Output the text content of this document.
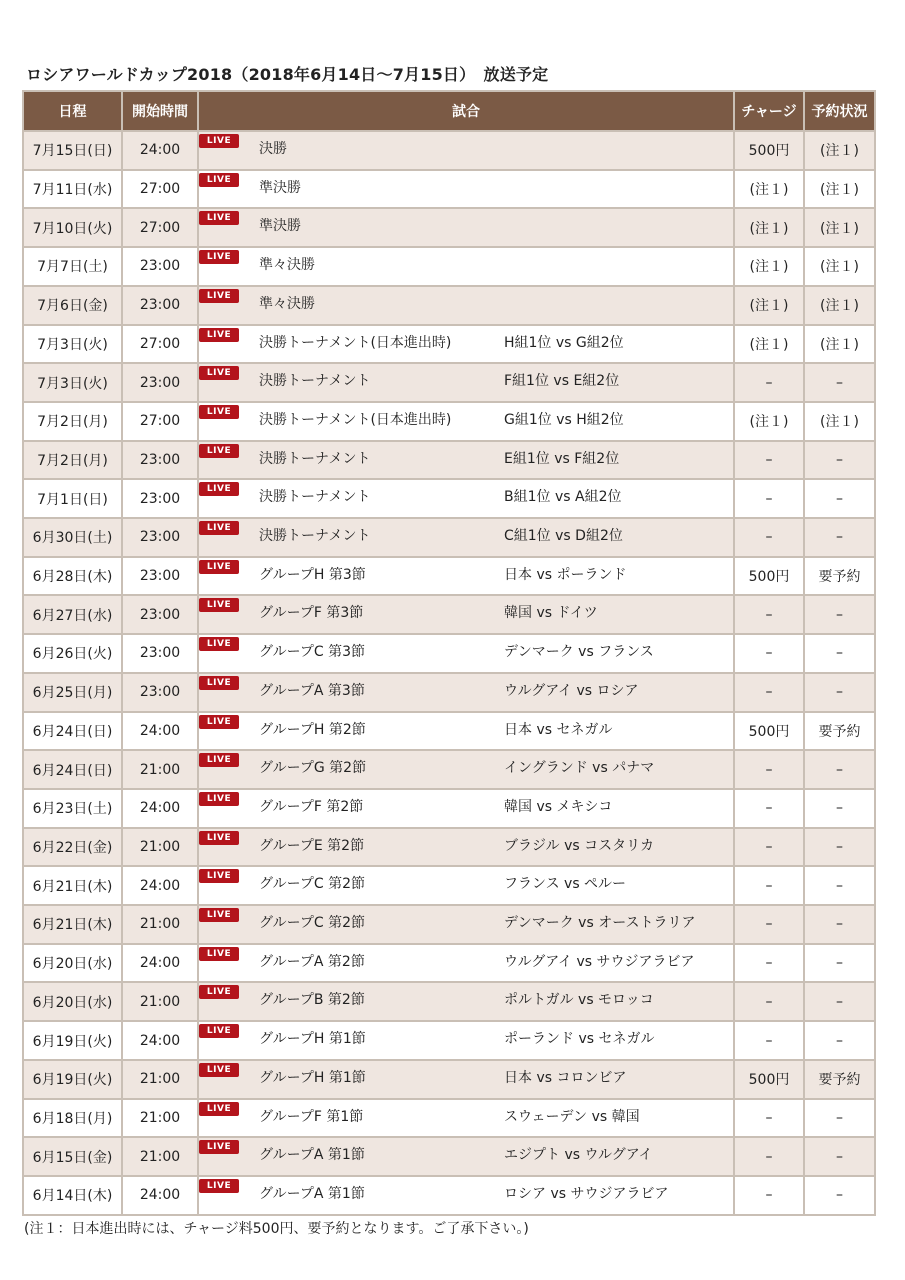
ロシアワールドカップ2018（2018年6月14日～7月15日）　放送予定
日程	開始時間	試合	チャージ	予約状況
7月15日(日)	24:00	LIVE 決勝	500円	(注１)
7月11日(水)	27:00	LIVE 準決勝	(注１)	(注１)
7月10日(火)	27:00	LIVE 準決勝	(注１)	(注１)
7月7日(土)	23:00	LIVE 準々決勝	(注１)	(注１)
7月6日(金)	23:00	LIVE 準々決勝	(注１)	(注１)
7月3日(火)	27:00	LIVE 決勝トーナメント(日本進出時) H組1位 vs G組2位	(注１)	(注１)
7月3日(火)	23:00	LIVE 決勝トーナメント F組1位 vs E組2位	–	–
7月2日(月)	27:00	LIVE 決勝トーナメント(日本進出時) G組1位 vs H組2位	(注１)	(注１)
7月2日(月)	23:00	LIVE 決勝トーナメント E組1位 vs F組2位	–	–
7月1日(日)	23:00	LIVE 決勝トーナメント B組1位 vs A組2位	–	–
6月30日(土)	23:00	LIVE 決勝トーナメント C組1位 vs D組2位	–	–
6月28日(木)	23:00	LIVE グループH 第3節 日本 vs ポーランド	500円	要予約
6月27日(水)	23:00	LIVE グループF 第3節 韓国 vs ドイツ	–	–
6月26日(火)	23:00	LIVE グループC 第3節 デンマーク vs フランス	–	–
6月25日(月)	23:00	LIVE グループA 第3節 ウルグアイ vs ロシア	–	–
6月24日(日)	24:00	LIVE グループH 第2節 日本 vs セネガル	500円	要予約
6月24日(日)	21:00	LIVE グループG 第2節 イングランド vs パナマ	–	–
6月23日(土)	24:00	LIVE グループF 第2節 韓国 vs メキシコ	–	–
6月22日(金)	21:00	LIVE グループE 第2節 ブラジル vs コスタリカ	–	–
6月21日(木)	24:00	LIVE グループC 第2節 フランス vs ペルー	–	–
6月21日(木)	21:00	LIVE グループC 第2節 デンマーク vs オーストラリア	–	–
6月20日(水)	24:00	LIVE グループA 第2節 ウルグアイ vs サウジアラビア	–	–
6月20日(水)	21:00	LIVE グループB 第2節 ポルトガル vs モロッコ	–	–
6月19日(火)	24:00	LIVE グループH 第1節 ポーランド vs セネガル	–	–
6月19日(火)	21:00	LIVE グループH 第1節 日本 vs コロンビア	500円	要予約
6月18日(月)	21:00	LIVE グループF 第1節 スウェーデン vs 韓国	–	–
6月15日(金)	21:00	LIVE グループA 第1節 エジプト vs ウルグアイ	–	–
6月14日(木)	24:00	LIVE グループA 第1節 ロシア vs サウジアラビア	–	–
(注１：日本進出時には、チャージ料500円、要予約となります。ご了承下さい。)
